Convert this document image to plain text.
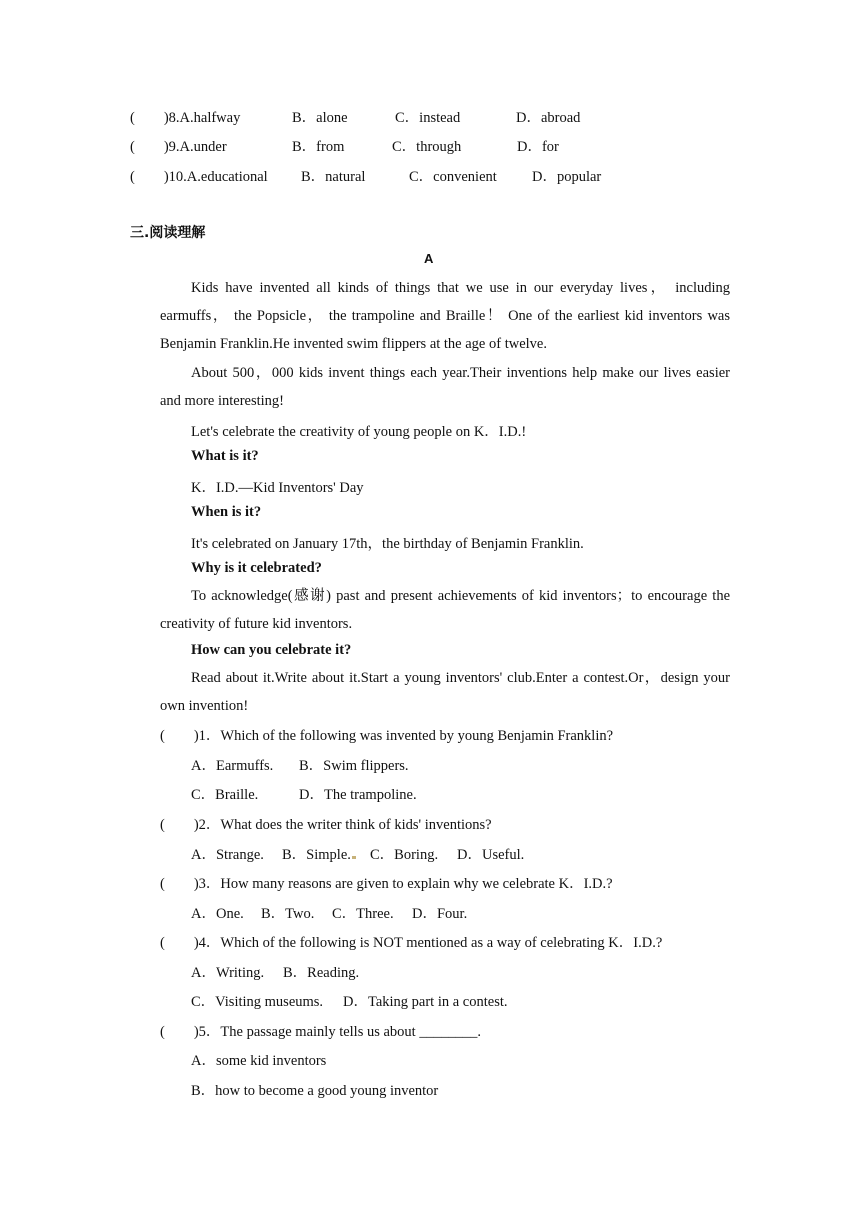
(　　)8.A.halfway	B．alone	C．instead	D．abroad
(　　)9.A.under	B．from	C．through	D．for
(　　)10.A.educational B．natural	C．convenient D．popular
三.阅读理解
A
Kids have invented all kinds of things that we use in our everyday lives， including earmuffs， the Popsicle， the trampoline and Braille！ One of the earliest kid inventors was Benjamin Franklin.He invented swim flippers at the age of twelve.
About 500，000 kids invent things each year.Their inventions help make our lives easier and more interesting!
Let's celebrate the creativity of young people on K．I.D.!
What is it?
K．I.D.—Kid Inventors' Day
When is it?
It's celebrated on January 17th，the birthday of Benjamin Franklin.
Why is it celebrated?
To acknowledge(感谢) past and present achievements of kid inventors；to encourage the creativity of future kid inventors.
How can you celebrate it?
Read about it.Write about it.Start a young inventors' club.Enter a contest.Or，design your own invention!
(　　)1．Which of the following was invented by young Benjamin Franklin?
A．Earmuffs. B．Swim flippers.
C．Braille.	D．The trampoline.
(　　)2．What does the writer think of kids' inventions?
A．Strange. B．Simple.	C．Boring. D．Useful.
(　　)3．How many reasons are given to explain why we celebrate K．I.D.?
A．One. B．Two. C．Three. D．Four.
(　　)4．Which of the following is NOT mentioned as a way of celebrating K．I.D.?
A．Writing. B．Reading.
C．Visiting museums. D．Taking part in a contest.
(　　)5．The passage mainly tells us about ________.
A．some kid inventors
B．how to become a good young inventor
